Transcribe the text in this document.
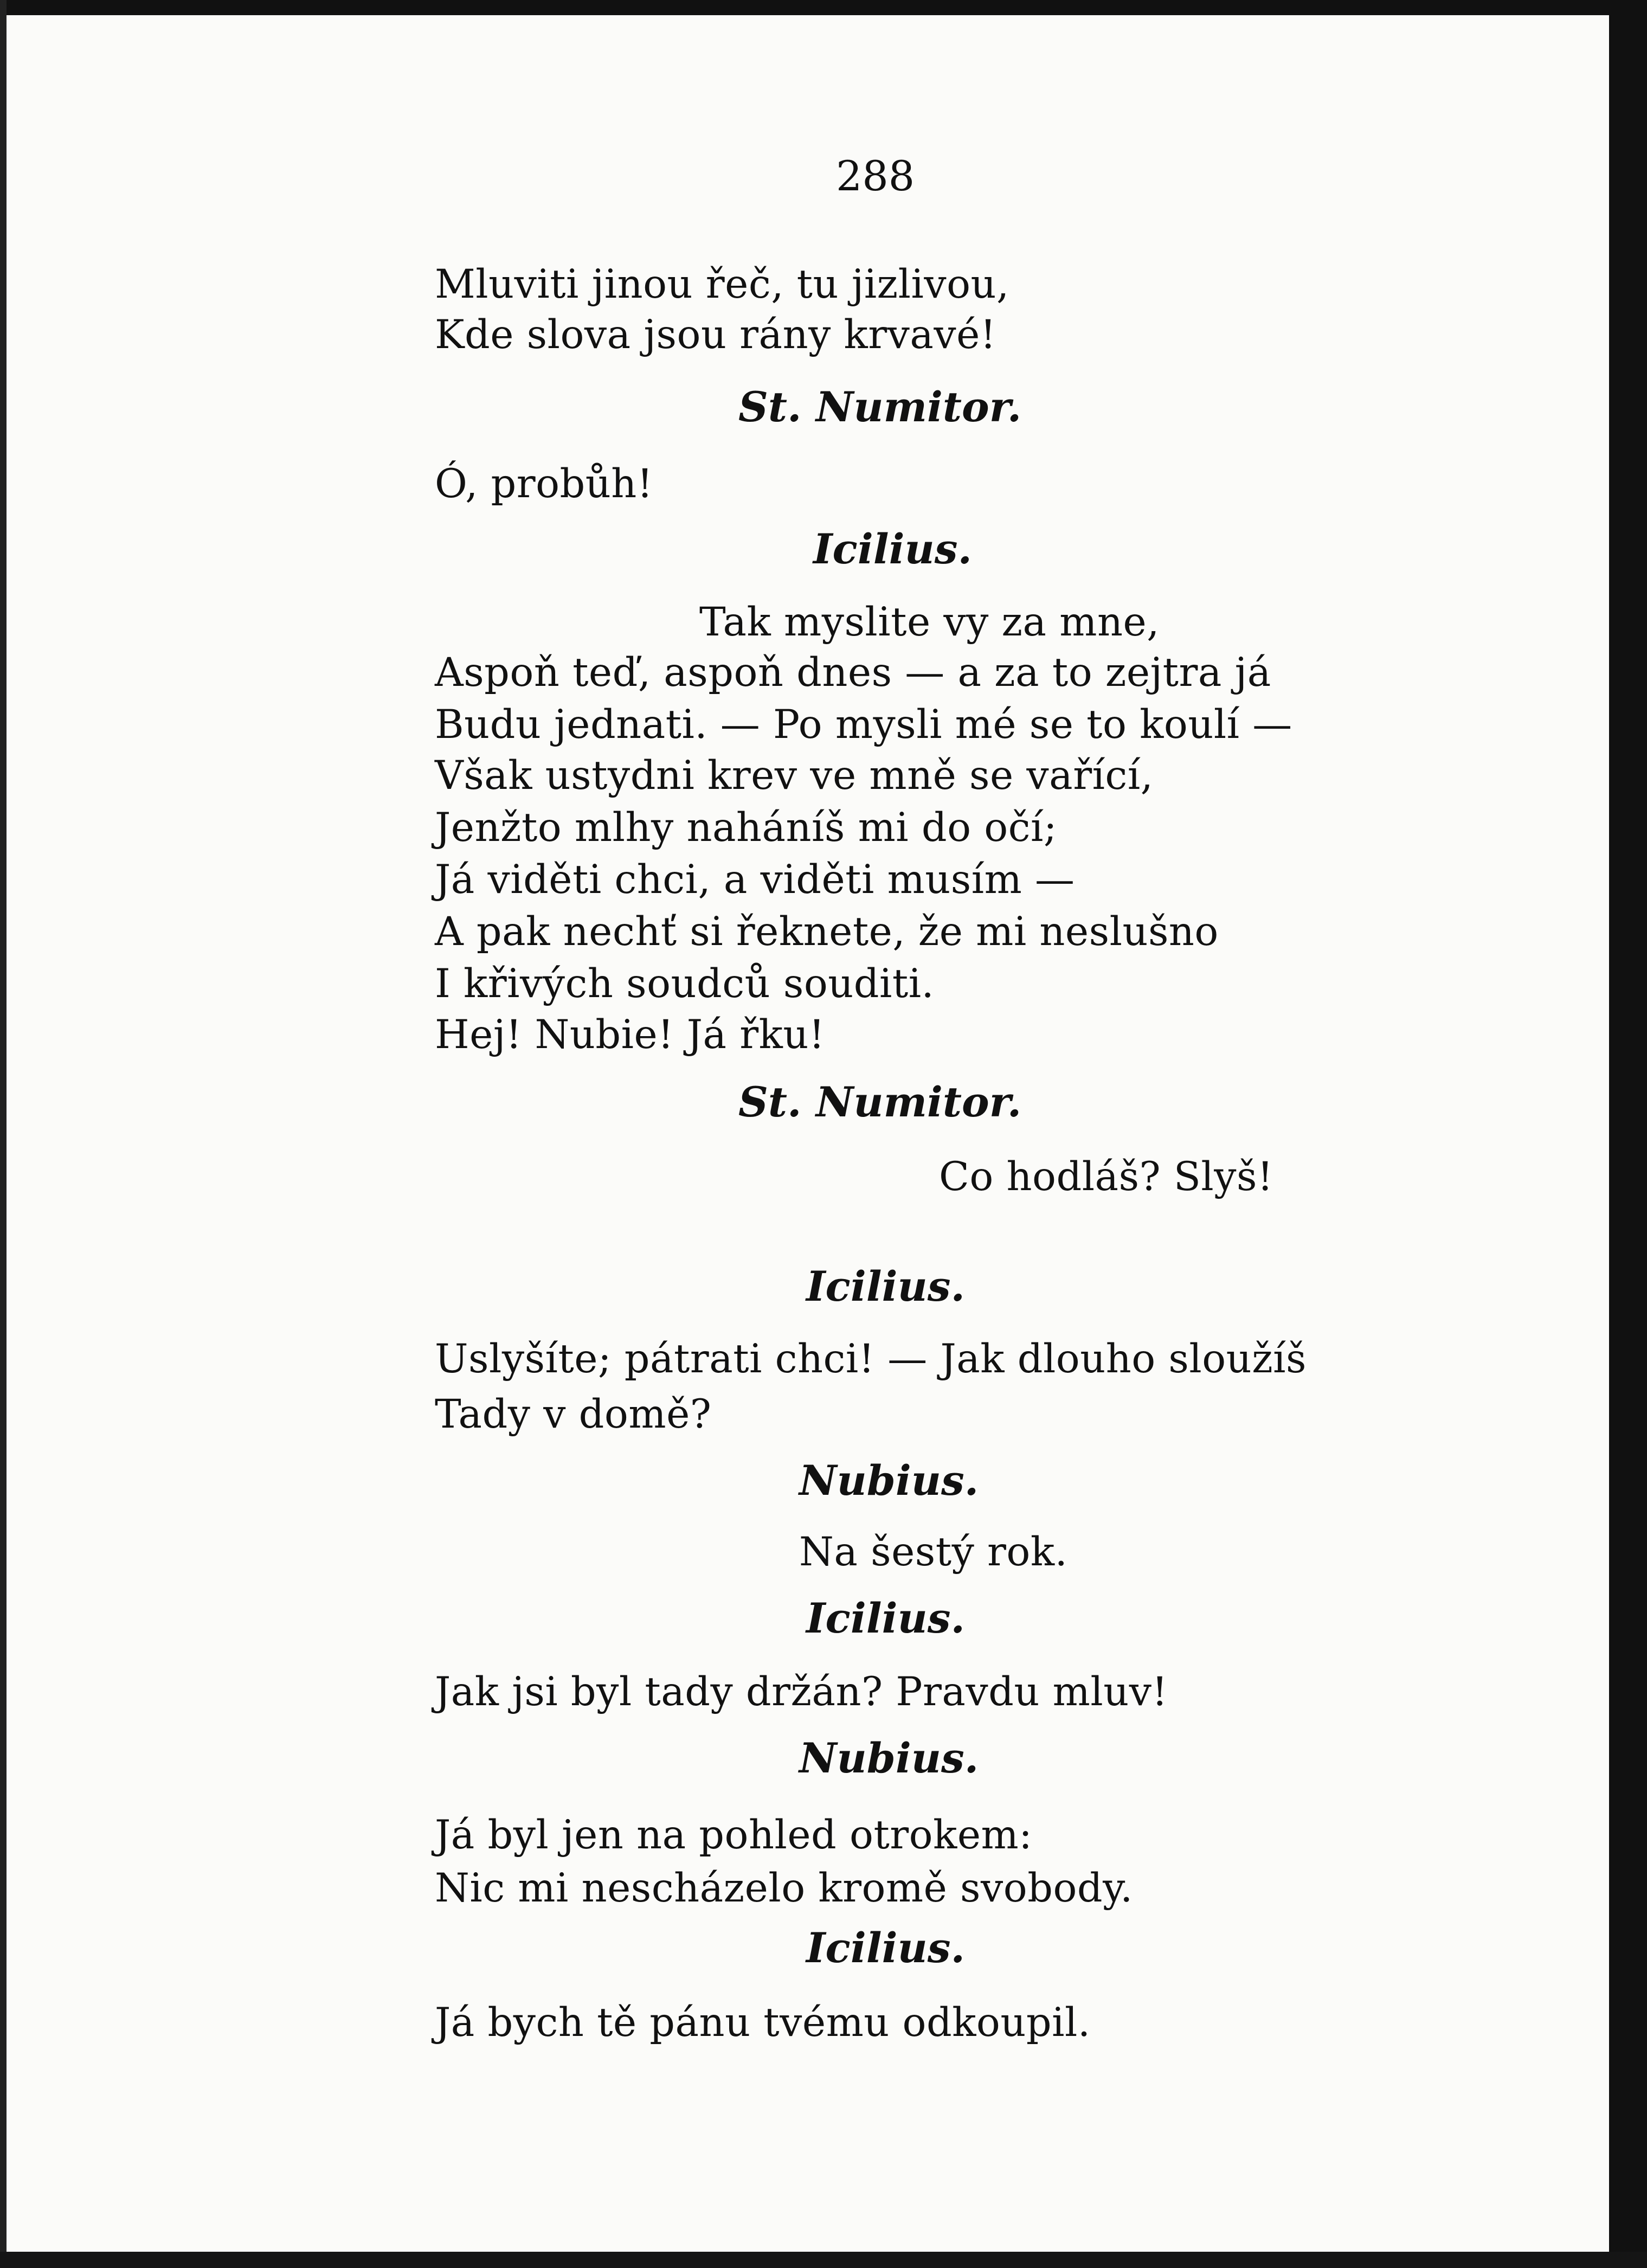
288
Mluviti jinou řeč, tu jizlivou,
Kde slova jsou rány krvavé!
St. Numitor.
Ó, probůh!
Icilius.
Tak myslite vy za mne,
Aspoň teď, aspoň dnes — a za to zejtra já
Budu jednati. — Po mysli mé se to koulí —
Však ustydni krev ve mně se vařící,
Jenžto mlhy naháníš mi do očí;
Já viděti chci, a viděti musím —
A pak nechť si řeknete, že mi neslušno
I křivých soudců souditi.
Hej! Nubie! Já řku!
St. Numitor.
Co hodláš? Slyš!
Icilius.
Uslyšíte; pátrati chci! — Jak dlouho sloužíš
Tady v domě?
Nubius.
Na šestý rok.
Icilius.
Jak jsi byl tady držán? Pravdu mluv!
Nubius.
Já byl jen na pohled otrokem:
Nic mi nescházelo kromě svobody.
Icilius.
Já bych tě pánu tvému odkoupil.
